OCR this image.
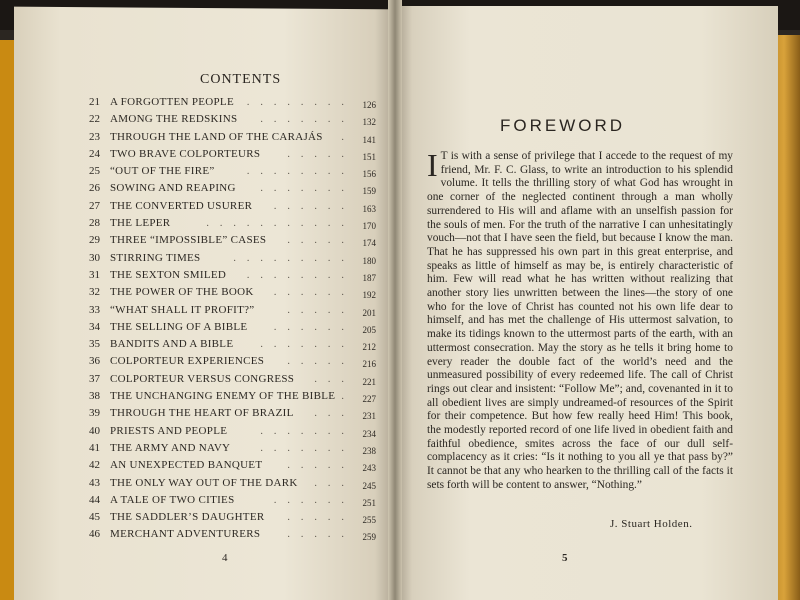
CONTENTS
21 A FORGOTTEN PEOPLE . . . . . . . . 126
22 AMONG THE REDSKINS . . . . . . . 132
23 THROUGH THE LAND OF THE CARAJÁS . 141
24 TWO BRAVE COLPORTEURS . . . . . 151
25 “OUT OF THE FIRE”	. . . . . . . . 156
26 SOWING AND REAPING . . . . . . . 159
27 THE CONVERTED USURER . . . . . . 163
28 THE LEPER	. . . . . . . . . . . 170
29 THREE “IMPOSSIBLE” CASES . . . . . 174
30 STIRRING TIMES	. . . . . . . . . 180
31 THE SEXTON SMILED . . . . . . . . 187
32 THE POWER OF THE BOOK . . . . . . 192
33 “WHAT SHALL IT PROFIT?”	. . . . . 201
34 THE SELLING OF A BIBLE . . . . . . 205
35 BANDITS AND A BIBLE . . . . . . . 212
36 COLPORTEUR EXPERIENCES . . . . . 216
37 COLPORTEUR VERSUS CONGRESS . . . 221
38 THE UNCHANGING ENEMY OF THE BIBLE . 227
39 THROUGH THE HEART OF BRAZIL . . . 231
40 PRIESTS AND PEOPLE	. . . . . . . 234
41 THE ARMY AND NAVY	. . . . . . . 238
42 AN UNEXPECTED BANQUET . . . . . 243
43 THE ONLY WAY OUT OF THE DARK . . . 245
44 A TALE OF TWO CITIES	. . . . . . 251
45 THE SADDLER’S DAUGHTER . . . . . 255
46 MERCHANT ADVENTURERS . . . . . 259
4
FOREWORD
I T is with a sense of privilege that I accede to the request of my friend, Mr. F. C. Glass, to write an introduction to his splendid volume. It tells the thrilling story of what God has wrought in one corner of the neglected continent through a man wholly surrendered to His will and aflame with an unselfish passion for the souls of men. For the truth of the narrative I can unhesitatingly vouch—not that I have seen the field, but because I know the man. That he has suppressed his own part in this great enterprise, and speaks as little of himself as may be, is entirely characteristic of him. Few will read what he has written without realizing that another story lies unwritten between the lines—the story of one who for the love of Christ has counted not his own life dear to himself, and has met the challenge of His uttermost salvation, to make its tidings known to the uttermost parts of the earth, with an uttermost consecration. May the story as he tells it bring home to every reader the double fact of the world’s need and the unmeasured possibility of every redeemed life. The call of Christ rings out clear and insistent: “Follow Me”; and, covenanted in it to all obedient lives are simply undreamed-of resources of the Spirit for their competence. But how few really heed Him! This book, the modestly reported record of one life lived in obedient faith and faithful obedience, smites across the face of our dull self-complacency as it cries: “Is it nothing to you all ye that pass by?” It cannot be that any who hearken to the thrilling call of the facts it sets forth will be content to answer, “Nothing.”
J. Stuart Holden.
5
